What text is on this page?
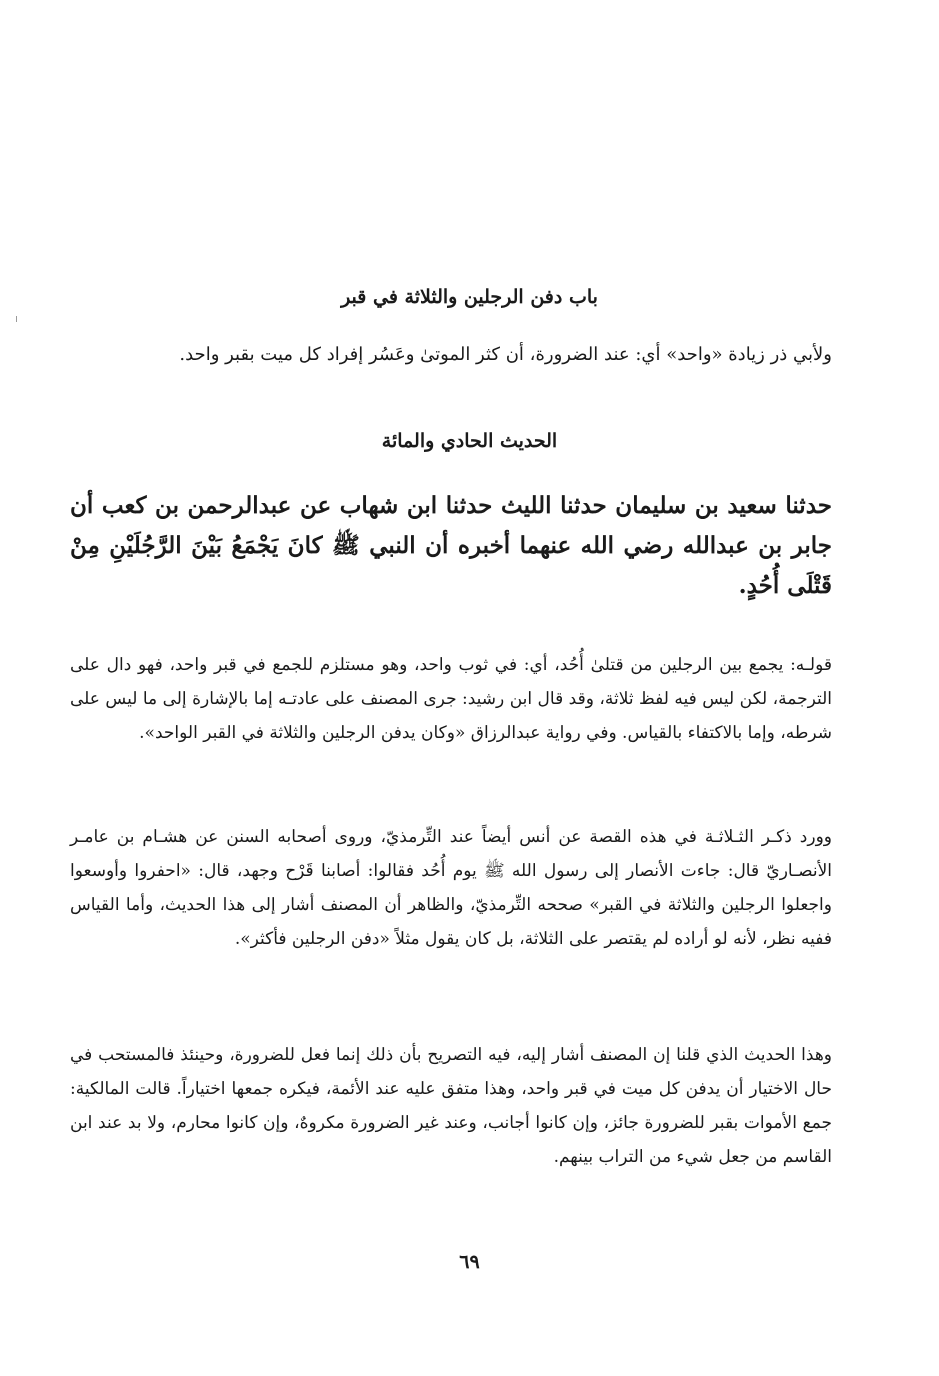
باب دفن الرجلين والثلاثة في قبر
ولأبي ذر زيادة «واحد» أي: عند الضرورة، أن كثر الموتىٰ وعَسُر إفراد كل ميت بقبر واحد.
الحديث الحادي والمائة
حدثنا سعيد بن سليمان حدثنا الليث حدثنا ابن شهاب عن عبدالرحمن بن كعب أن جابر بن عبدالله رضي الله عنهما أخبره أن النبي ﷺ كانَ يَجْمَعُ بَيْنَ الرَّجُلَيْنِ مِنْ قَتْلَى أُحُدٍ.
قولـه: يجمع بين الرجلين من قتلىٰ أُحُد، أي: في ثوب واحد، وهو مستلزم للجمع في قبر واحد، فهو دال على الترجمة، لكن ليس فيه لفظ ثلاثة، وقد قال ابن رشيد: جرى المصنف على عادتـه إما بالإشارة إلى ما ليس على شرطه، وإما بالاكتفاء بالقياس. وفي رواية عبدالرزاق «وكان يدفن الرجلين والثلاثة في القبر الواحد».
وورد ذكـر الثـلاثـة في هذه القصة عن أنس أيضاً عند التِّرمذيّ، وروى أصحابه السنن عن هشـام بن عامـر الأنصـاريّ قال: جاءت الأنصار إلى رسول الله ﷺ يوم أُحُد فقالوا: أصابنا قَرْح وجهد، قال: «احفروا وأوسعوا واجعلوا الرجلين والثلاثة في القبر» صححه التِّرمذيّ، والظاهر أن المصنف أشار إلى هذا الحديث، وأما القياس ففيه نظر، لأنه لو أراده لم يقتصر على الثلاثة، بل كان يقول مثلاً «دفن الرجلين فأكثر».
وهذا الحديث الذي قلنا إن المصنف أشار إليه، فيه التصريح بأن ذلك إنما فعل للضرورة، وحينئذ فالمستحب في حال الاختيار أن يدفن كل ميت في قبر واحد، وهذا متفق عليه عند الأئمة، فيكره جمعها اختياراً. قالت المالكية: جمع الأموات بقبر للضرورة جائز، وإن كانوا أجانب، وعند غير الضرورة مكروهٌ، وإن كانوا محارم، ولا بد عند ابن القاسم من جعل شيء من التراب بينهم.
٦٩
